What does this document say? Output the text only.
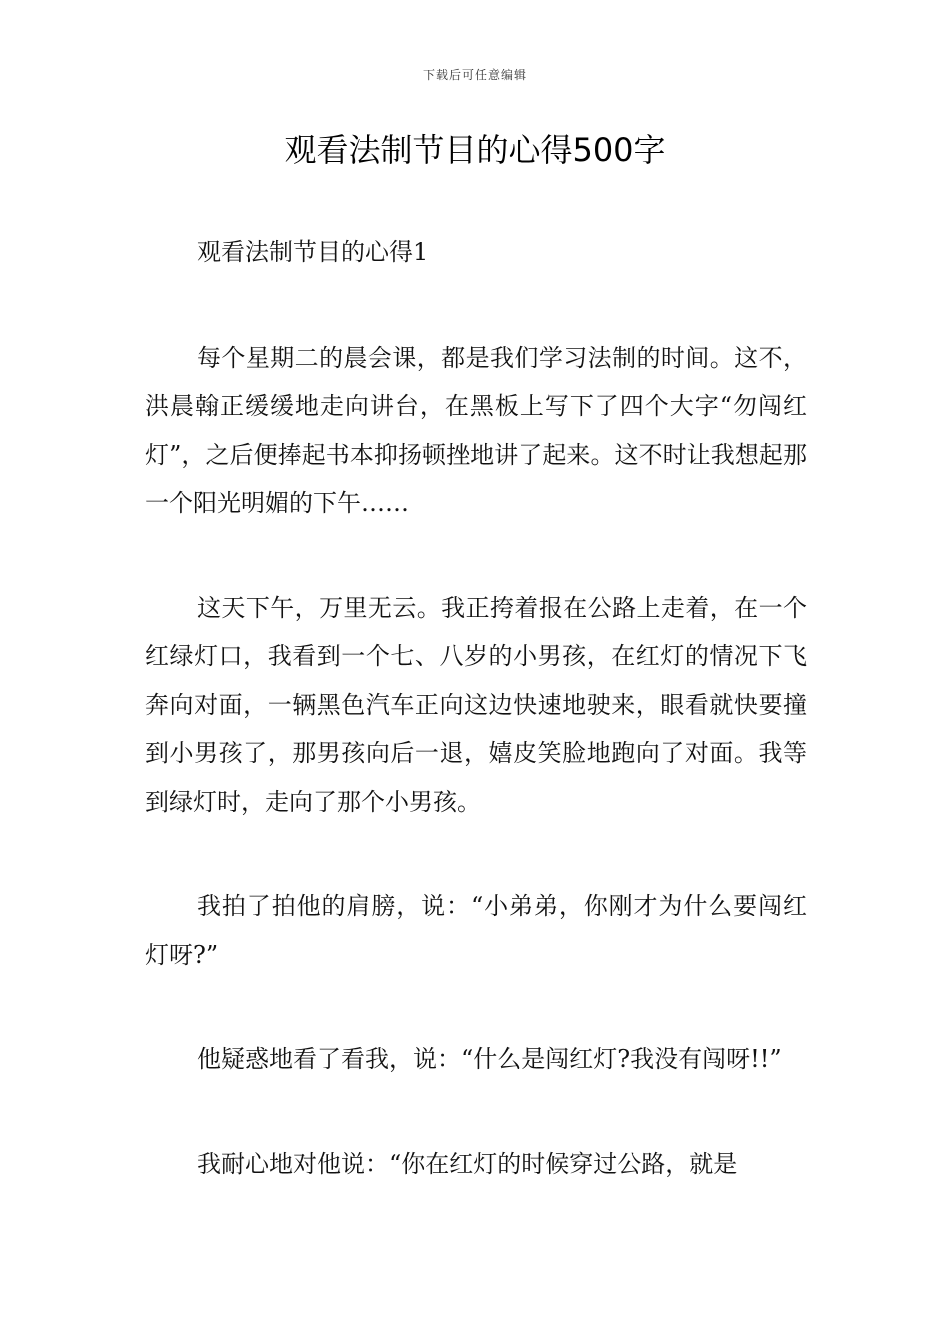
下载后可任意编辑
观看法制节目的心得500字

观看法制节目的心得1

每个星期二的晨会课，都是我们学习法制的时间。这不，洪晨翰正缓缓地走向讲台，在黑板上写下了四个大字“勿闯红灯”，之后便捧起书本抑扬顿挫地讲了起来。这不时让我想起那一个阳光明媚的下午……

这天下午，万里无云。我正挎着报在公路上走着，在一个红绿灯口，我看到一个七、八岁的小男孩，在红灯的情况下飞奔向对面，一辆黑色汽车正向这边快速地驶来，眼看就快要撞到小男孩了，那男孩向后一退，嬉皮笑脸地跑向了对面。我等到绿灯时，走向了那个小男孩。

我拍了拍他的肩膀，说：“小弟弟，你刚才为什么要闯红灯呀?”

他疑惑地看了看我，说：“什么是闯红灯?我没有闯呀!!”

我耐心地对他说：“你在红灯的时候穿过公路，就是
